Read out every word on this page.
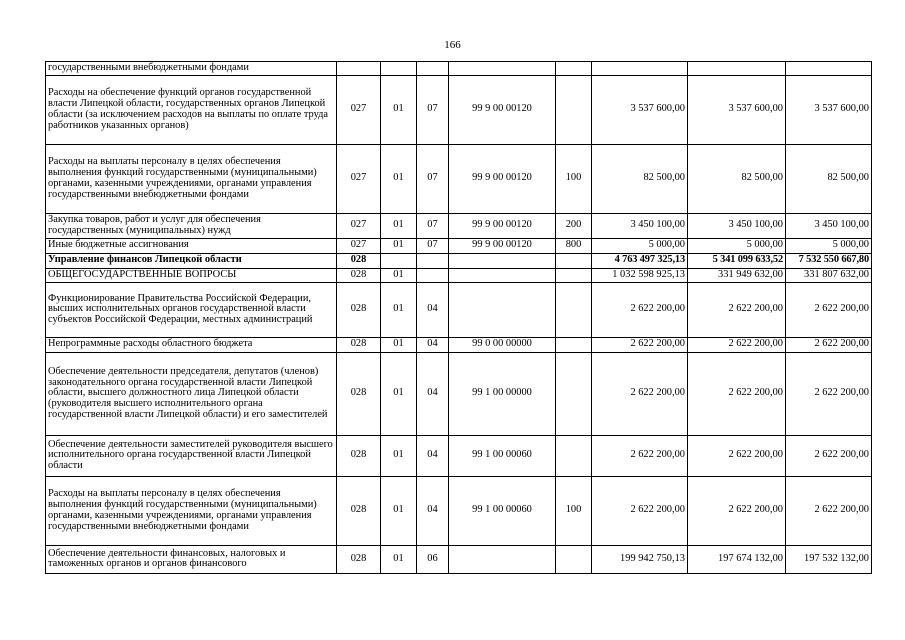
166
государственными внебюджетными фондами								
Расходы на обеспечение функций органов государственной власти Липецкой области, государственных органов Липецкой области (за исключением расходов на выплаты по оплате труда работников указанных органов)	027	01	07	99 9 00 00120		3 537 600,00	3 537 600,00	3 537 600,00
Расходы на выплаты персоналу в целях обеспечения выполнения функций государственными (муниципальными) органами, казенными учреждениями, органами управления государственными внебюджетными фондами	027	01	07	99 9 00 00120	100	82 500,00	82 500,00	82 500,00
Закупка товаров, работ и услуг для обеспечения государственных (муниципальных) нужд	027	01	07	99 9 00 00120	200	3 450 100,00	3 450 100,00	3 450 100,00
Иные бюджетные ассигнования	027	01	07	99 9 00 00120	800	5 000,00	5 000,00	5 000,00
Управление финансов Липецкой области	028					4 763 497 325,13	5 341 099 633,52	7 532 550 667,80
ОБЩЕГОСУДАРСТВЕННЫЕ ВОПРОСЫ	028	01				1 032 598 925,13	331 949 632,00	331 807 632,00
Функционирование Правительства Российской Федерации, высших исполнительных органов государственной власти субъектов Российской Федерации, местных администраций	028	01	04			2 622 200,00	2 622 200,00	2 622 200,00
Непрограммные расходы областного бюджета	028	01	04	99 0 00 00000		2 622 200,00	2 622 200,00	2 622 200,00
Обеспечение деятельности председателя, депутатов (членов) законодательного органа государственной власти Липецкой области, высшего должностного лица Липецкой области (руководителя высшего исполнительного органа государственной власти Липецкой области) и его заместителей	028	01	04	99 1 00 00000		2 622 200,00	2 622 200,00	2 622 200,00
Обеспечение деятельности заместителей руководителя высшего исполнительного органа государственной власти Липецкой области	028	01	04	99 1 00 00060		2 622 200,00	2 622 200,00	2 622 200,00
Расходы на выплаты персоналу в целях обеспечения выполнения функций государственными (муниципальными) органами, казенными учреждениями, органами управления государственными внебюджетными фондами	028	01	04	99 1 00 00060	100	2 622 200,00	2 622 200,00	2 622 200,00
Обеспечение деятельности финансовых, налоговых и таможенных органов и органов финансового	028	01	06			199 942 750,13	197 674 132,00	197 532 132,00
